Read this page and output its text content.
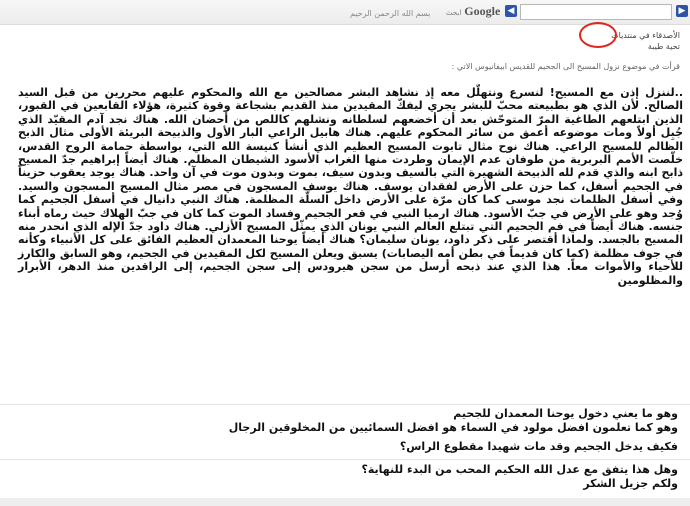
▶
◀
ابحث Google
بسم الله الرحمن الرحيم
الأصدقاء في منتديات
تحية طيبة
قرأت في موضوع نزول المسيح الى الجحيم للقديس ابيفانيوس الاتي :

..لننزل إذن مع المسيح! لنسرع ونتهلّل معه إذ نشاهد البشر مصالحين مع الله والمحكوم عليهم محررين من قبل السيد الصالح. لأن الذي هو بطبيعته محبّ للبشر يجري ليفكّ المقيدين منذ القديم بشجاعة وقوة كثيرة، هؤلاء القابعين في القبور، الذين ابتلعهم الطاغية المرّ المتوحّش بعد أن أخضعهم لسلطانه ونشلهم كاللص من أحضان الله. هناك نجد آدم المقيّد الذي جُبِل أولاً ومات موضوعه أعمق من سائر المحكوم عليهم. هناك هابيل الراعي البار الأول والذبيحة البريئة الأولى مثال الذبح الظالم للمسيح الراعي. هناك نوح مثال تابوت المسيح العظيم الذي أنشأ كنيسة الله التي، بواسطة حمامة الروح القدس، خلّصت الأمم البربرية من طوفان عدم الإيمان وطردت منها الغراب الأسود الشيطان المظلم. هناك أيضاً إبراهيم جدّ المسيح ذابح ابنه والذي قدم لله الذبيحة الشهيرة التي بالسيف وبدون سيف، بموت وبدون موت في آن واحد. هناك يوجد يعقوب حزيناً في الجحيم أسفل، كما حزن على الأرض لفقدان يوسف. هناك يوسف المسجون في مصر مثال المسيح المسجون والسيد. وفي أسفل الظلمات نجد موسى كما كان مرّة على الأرض داخل السلّة المظلمة. هناك النبي دانيال في أسفل الجحيم كما وُجد وهو على الأرض في جبّ الأسود. هناك ارميا النبي في قعر الجحيم وفساد الموت كما كان في جبّ الهلاك حيث رماه أبناء جنسه. هناك أيضاً في فم الجحيم التي تبتلع العالم النبي يونان الذي يمثّل المسيح الأزلي. هناك داود جدّ الإله الذي انحدر منه المسيح بالجسد. ولماذا أقتصر على ذكر داود، يونان سليمان؟ هناك أيضاً يوحنا المعمدان العظيم الفائق على كل الأنبياء وكأنه في جوف مظلمة (كما كان قديماً في بطن أمه اليصابات) يسبق ويعلن المسيح لكل المقيدين في الجحيم، وهو السابق والكارز للأحياء والأموات معاً. هذا الذي عند ذبحه أرسل من سجن هيرودس إلى سجن الجحيم، إلى الراقدين منذ الدهر، الأبرار والمظلومين

وهو ما يعني دخول يوحنا المعمدان للجحيم

وهو كما تعلمون افضل مولود في السماء هو افضل السمائيين من المخلوقين الرجال

فكيف يدخل الجحيم وقد مات شهيدا مقطوع الراس؟

وهل هذا يتفق مع عدل الله الحكيم المحب من البدء للنهاية؟

ولكم جزيل الشكر
